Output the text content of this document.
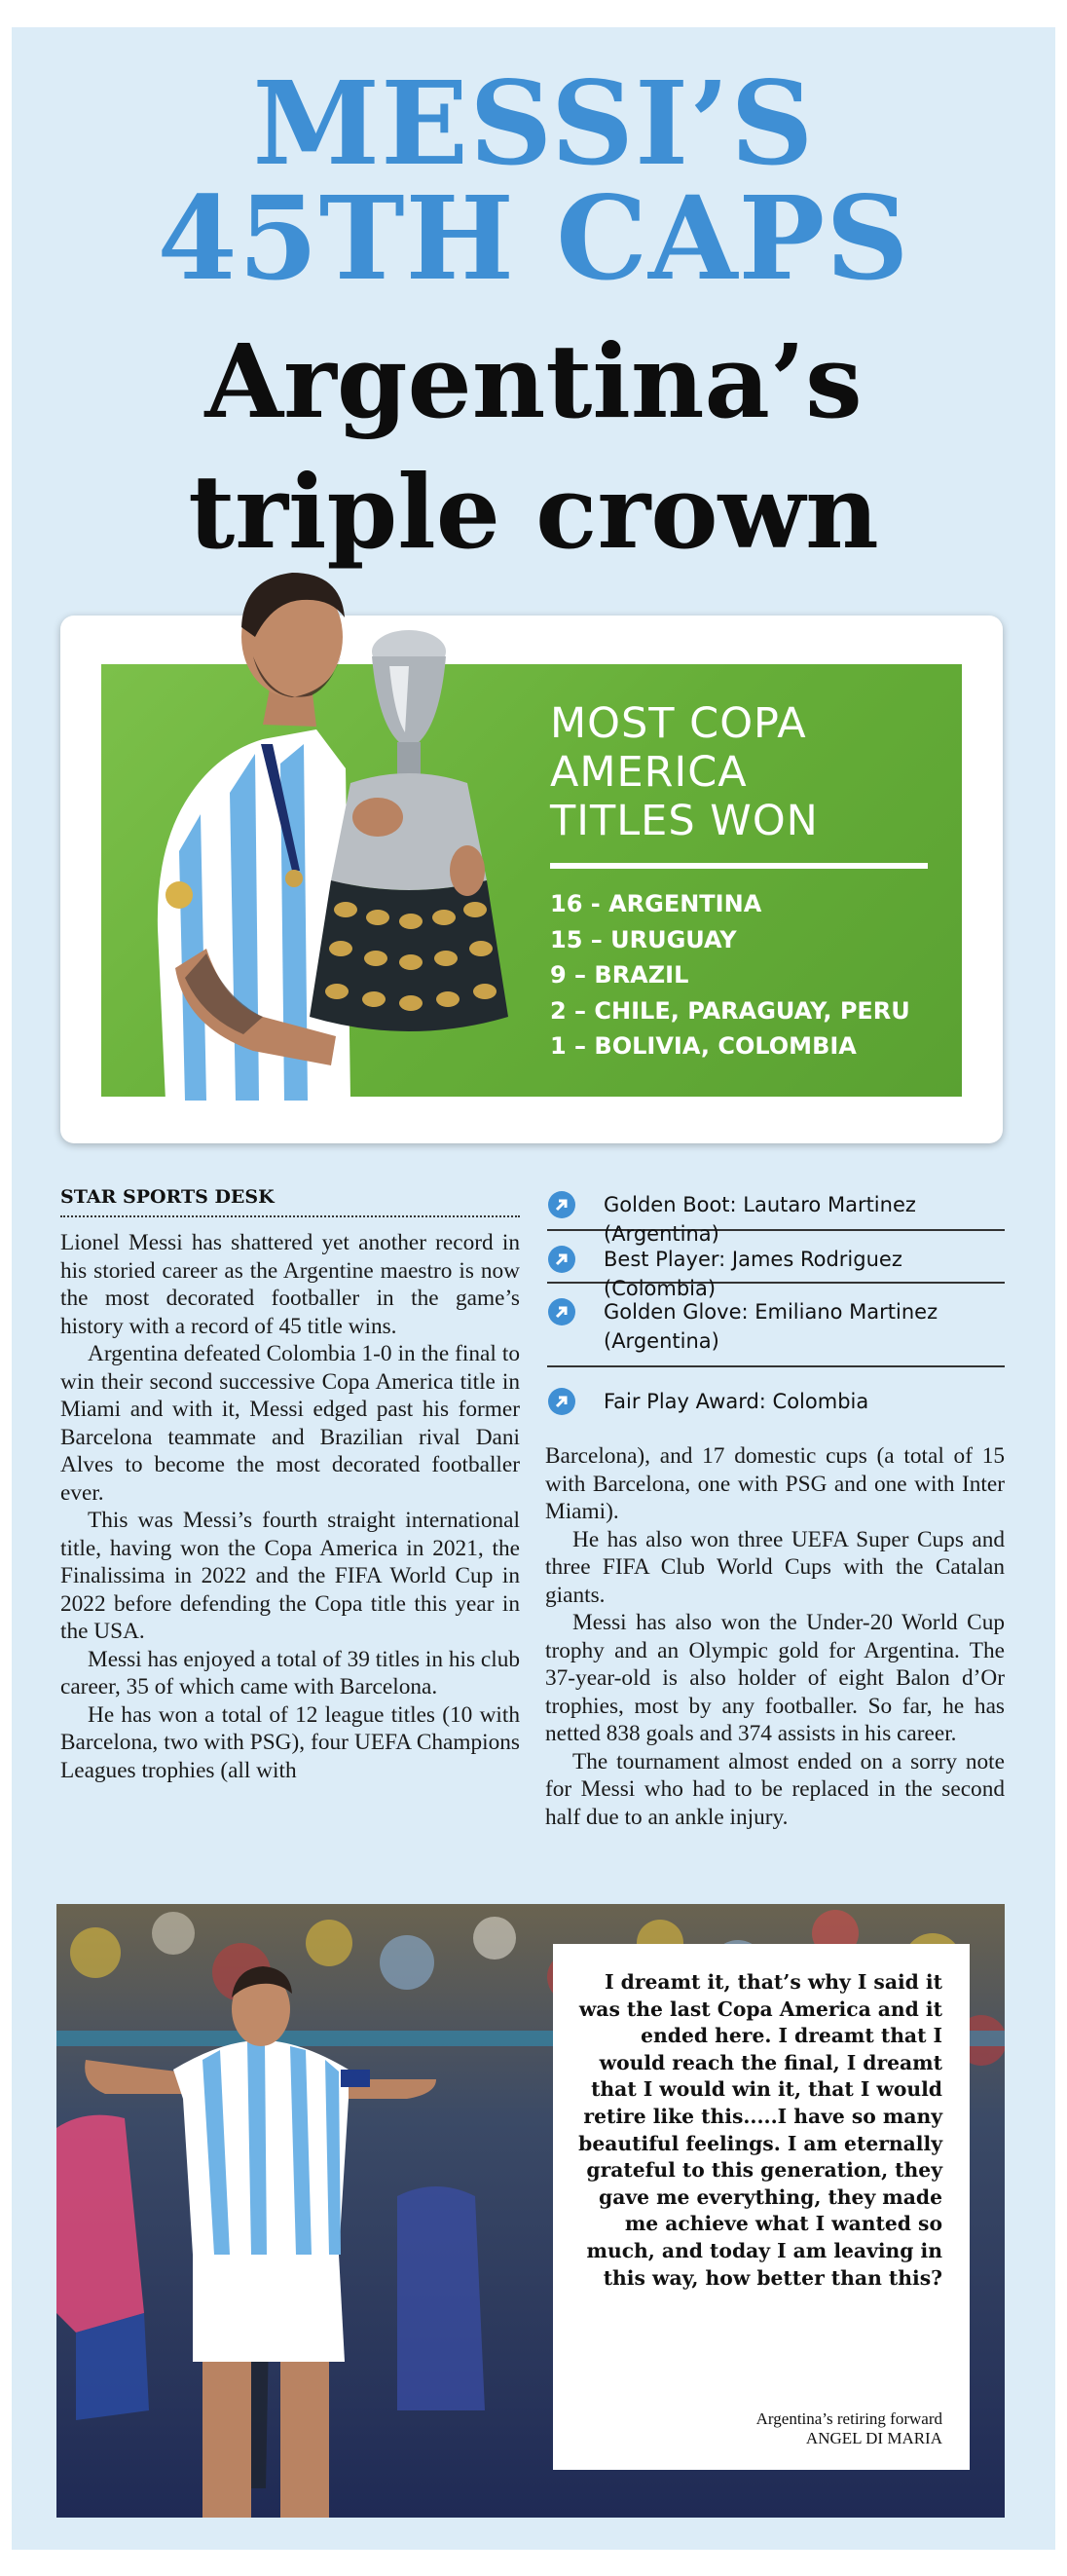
MESSI’S
45TH CAPS
Argentina’s
triple crown
MOST COPA
AMERICA
TITLES WON
16 - ARGENTINA
15 – URUGUAY
9 – BRAZIL
2 – CHILE, PARAGUAY, PERU
1 – BOLIVIA, COLOMBIA
STAR SPORTS DESK

Lionel Messi has shattered yet another record in his storied career as the Argentine maestro is now the most decorated footballer in the game’s history with a record of 45 title wins.

Argentina defeated Colombia 1-0 in the final to win their second successive Copa America title in Miami and with it, Messi edged past his former Barcelona teammate and Brazilian rival Dani Alves to become the most decorated footballer ever.

This was Messi’s fourth straight international title, having won the Copa America in 2021, the Finalissima in 2022 and the FIFA World Cup in 2022 before defending the Copa title this year in the USA.

Messi has enjoyed a total of 39 titles in his club career, 35 of which came with Barcelona.

He has won a total of 12 league titles (10 with Barcelona, two with PSG), four UEFA Champions Leagues trophies (all with

Golden Boot: Lautaro Martinez (Argentina)
Best Player: James Rodriguez (Colombia)
Golden Glove: Emiliano Martinez (Argentina)
Fair Play Award: Colombia

Barcelona), and 17 domestic cups (a total of 15 with Barcelona, one with PSG and one with Inter Miami).

He has also won three UEFA Super Cups and three FIFA Club World Cups with the Catalan giants.

Messi has also won the Under-20 World Cup trophy and an Olympic gold for Argentina. The 37-year-old is also holder of eight Balon d’Or trophies, most by any footballer. So far, he has netted 838 goals and 374 assists in his career.

The tournament almost ended on a sorry note for Messi who had to be replaced in the second half due to an ankle injury.

I dreamt it, that’s why I said it was the last Copa America and it ended here. I dreamt that I would reach the final, I dreamt that I would win it, that I would retire like this.....I have so many beautiful feelings. I am eternally grateful to this generation, they gave me everything, they made me achieve what I wanted so much, and today I am leaving in this way, how better than this?

Argentina’s retiring forward
ANGEL DI MARIA
